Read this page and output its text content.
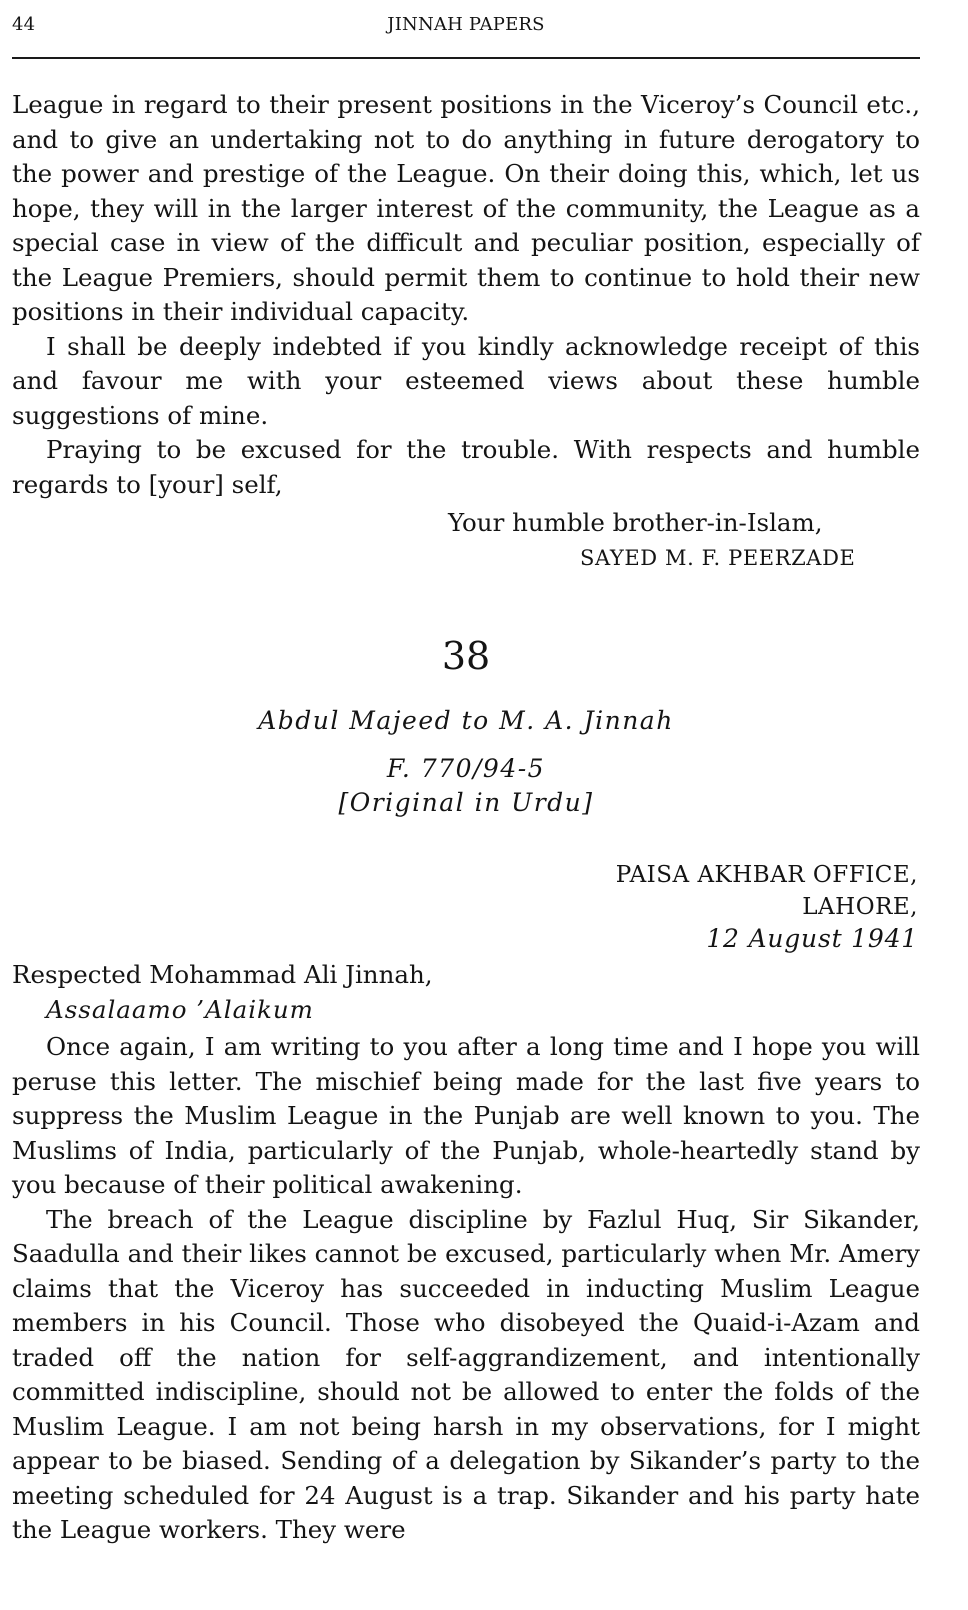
44	JINNAH PAPERS

League in regard to their present positions in the Viceroy’s Council etc., and to give an undertaking not to do anything in future derogatory to the power and prestige of the League. On their doing this, which, let us hope, they will in the larger interest of the community, the League as a special case in view of the difficult and peculiar position, especially of the League Premiers, should permit them to continue to hold their new positions in their individual capacity.

I shall be deeply indebted if you kindly acknowledge receipt of this and favour me with your esteemed views about these humble suggestions of mine.

Praying to be excused for the trouble. With respects and humble regards to [your] self,

Your humble brother-in-Islam,
SAYED M. F. PEERZADE
38
Abdul Majeed to M. A. Jinnah
F. 770/94-5
[Original in Urdu]
PAISA AKHBAR OFFICE,
LAHORE,
12 August 1941
Respected Mohammad Ali Jinnah,
Assalaamo ’Alaikum

Once again, I am writing to you after a long time and I hope you will peruse this letter. The mischief being made for the last five years to suppress the Muslim League in the Punjab are well known to you. The Muslims of India, particularly of the Punjab, whole-heartedly stand by you because of their political awakening.

The breach of the League discipline by Fazlul Huq, Sir Sikander, Saadulla and their likes cannot be excused, particularly when Mr. Amery claims that the Viceroy has succeeded in inducting Muslim League members in his Council. Those who disobeyed the Quaid-i-Azam and traded off the nation for self-aggrandizement, and intentionally committed indiscipline, should not be allowed to enter the folds of the Muslim League. I am not being harsh in my observations, for I might appear to be biased. Sending of a delegation by Sikander’s party to the meeting scheduled for 24 August is a trap. Sikander and his party hate the League workers. They were
